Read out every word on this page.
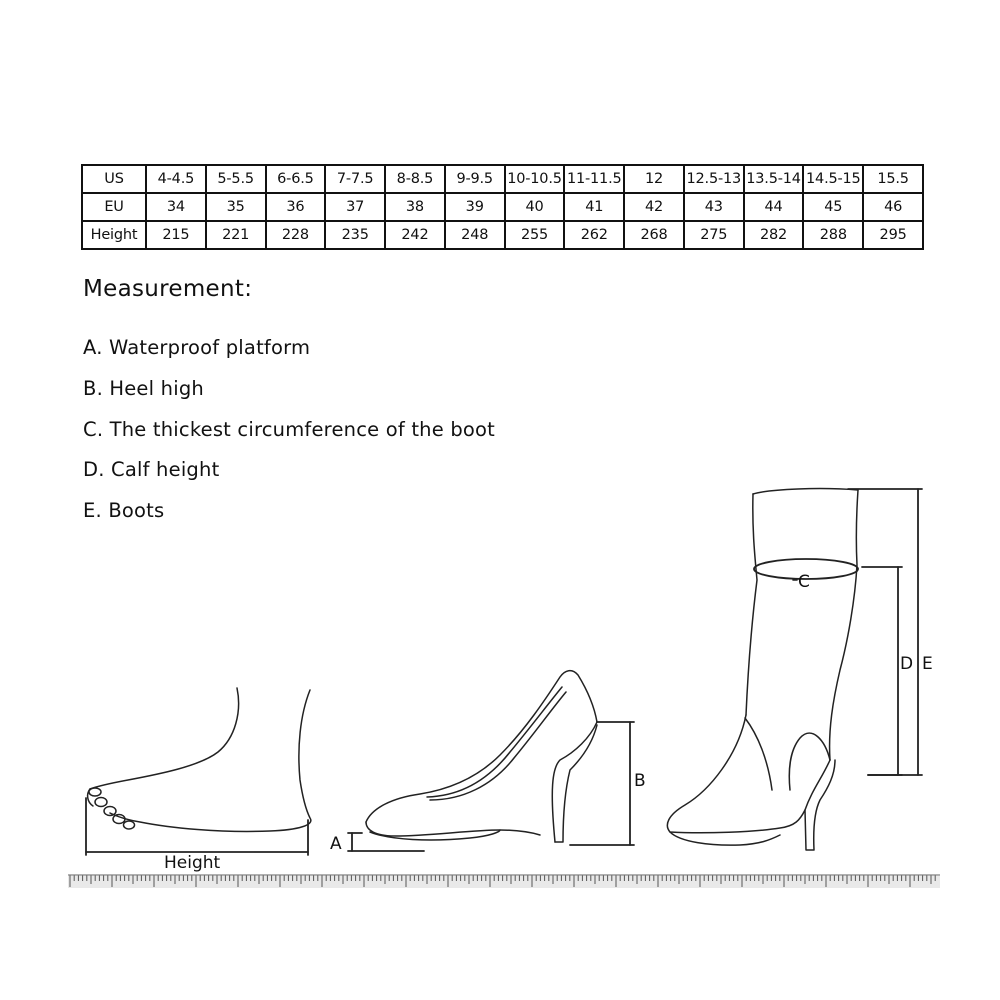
US	4-4.5	5-5.5	6-6.5	7-7.5	8-8.5	9-9.5	10-10.5	11-11.5	12	12.5-13	13.5-14	14.5-15	15.5
EU	34	35	36	37	38	39	40	41	42	43	44	45	46
Height	215	221	228	235	242	248	255	262	268	275	282	288	295
Measurement:
A. Waterproof platform
B. Heel high
C. The thickest circumference of the boot
D. Calf height
E. Boots
Height
A
B
C
D E
